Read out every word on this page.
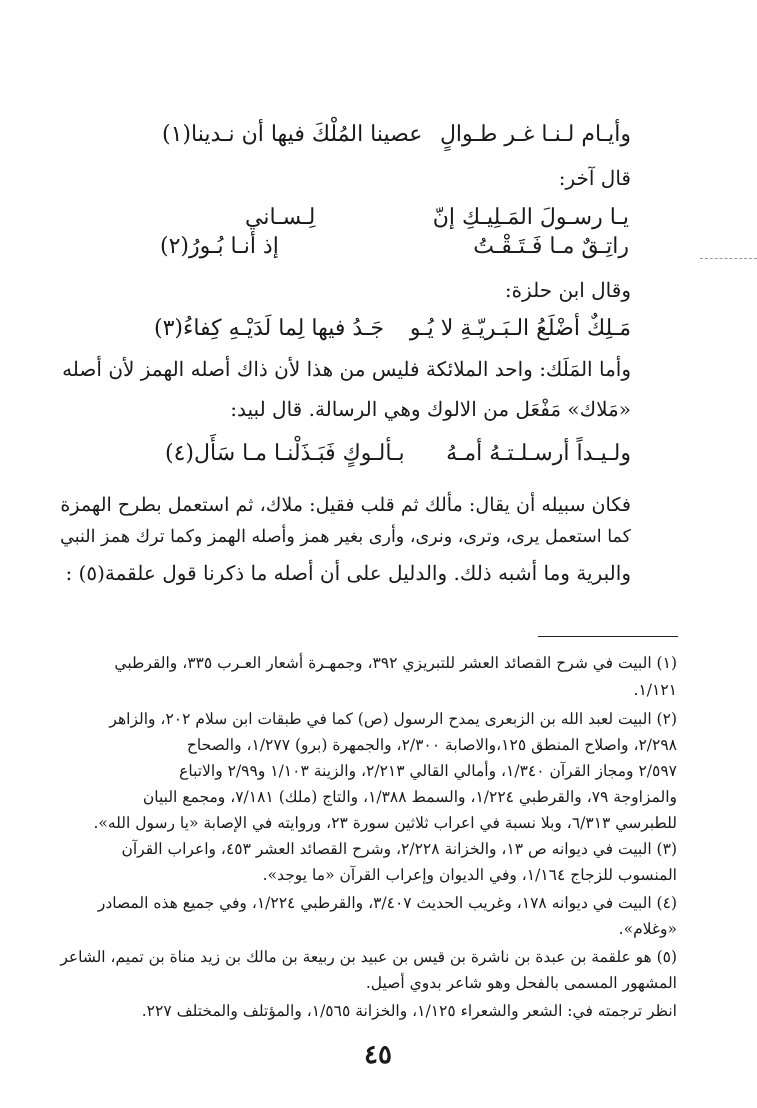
وأيـام لـنـا غـر طـوالٍ
عصينا المُلْكَ فيها أن نـدينا(١)
قال آخر:
يـا رسـولَ المَـلِيـكِ إنّ
لِـسـاني
راتِـقٌ مـا فَـتَـقْـتُ
إذ أنـا بُـورُ(٢)
وقال ابن حلزة:
مَـلِكٌ أضْلَعُ الـبَـريّـةِ لا يُـو
جَـدُ فيها لِما لَدَيْـهِ كِفاءُ(٣)
وأما المَلَك: واحد الملائكة فليس من هذا لأن ذاك أصله الهمز لأن أصله
«مَلاك» مَفْعَل من الالوك وهي الرسالة. قال لبيد:
ولـيـداً أرسـلـتـهُ أمـهُ
بـألـوكٍ فَبَـذَلْنـا مـا سَأَل(٤)
فكان سبيله أن يقال: مألك ثم قلب فقيل: ملاك، ثم استعمل بطرح الهمزة
كما استعمل يرى، وترى، ونرى، وأرى بغير همز وأصله الهمز وكما ترك همز النبي
والبرية وما أشبه ذلك. والدليل على أن أصله ما ذكرنا قول علقمة(٥) :
(١) البيت في شرح القصائد العشر للتبريزي ٣٩٢، وجمهـرة أشعار العـرب ٣٣٥، والقرطبي
١/١٢١.
(٢) البيت لعبد الله بن الزبعرى يمدح الرسول (ص) كما في طبقات ابن سلام ٢٠٢، والزاهر
٢/٢٩٨، واصلاح المنطق ١٢٥،والاصابة ٢/٣٠٠، والجمهرة (برو) ١/٢٧٧، والصحاح
٢/٥٩٧ ومجاز القرآن ١/٣٤٠، وأمالي القالي ٢/٢١٣، والزينة ١/١٠٣ و٢/٩٩ والاتباع
والمزاوجة ٧٩، والقرطبي ١/٢٢٤، والسمط ١/٣٨٨، والتاج (ملك) ٧/١٨١، ومجمع البيان
للطبرسي ٦/٣١٣، وبلا نسبة في اعراب ثلاثين سورة ٢٣، وروايته في الإصابة «يا رسول الله».
(٣) البيت في ديوانه ص ١٣، والخزانة ٢/٢٢٨، وشرح القصائد العشر ٤٥٣، واعراب القرآن
المنسوب للزجاج ١/١٦٤، وفي الديوان وإعراب القرآن «ما يوجد».
(٤) البيت في ديوانه ١٧٨، وغريب الحديث ٣/٤٠٧، والقرطبي ١/٢٢٤، وفي جميع هذه المصادر
«وغلام».
(٥) هو علقمة بن عبدة بن ناشرة بن قيس بن عبيد بن ربيعة بن مالك بن زيد مناة بن تميم، الشاعر
المشهور المسمى بالفحل وهو شاعر بدوي أصيل.
انظر ترجمته في: الشعر والشعراء ١/١٢٥، والخزانة ١/٥٦٥، والمؤتلف والمختلف ٢٢٧.
٤٥
